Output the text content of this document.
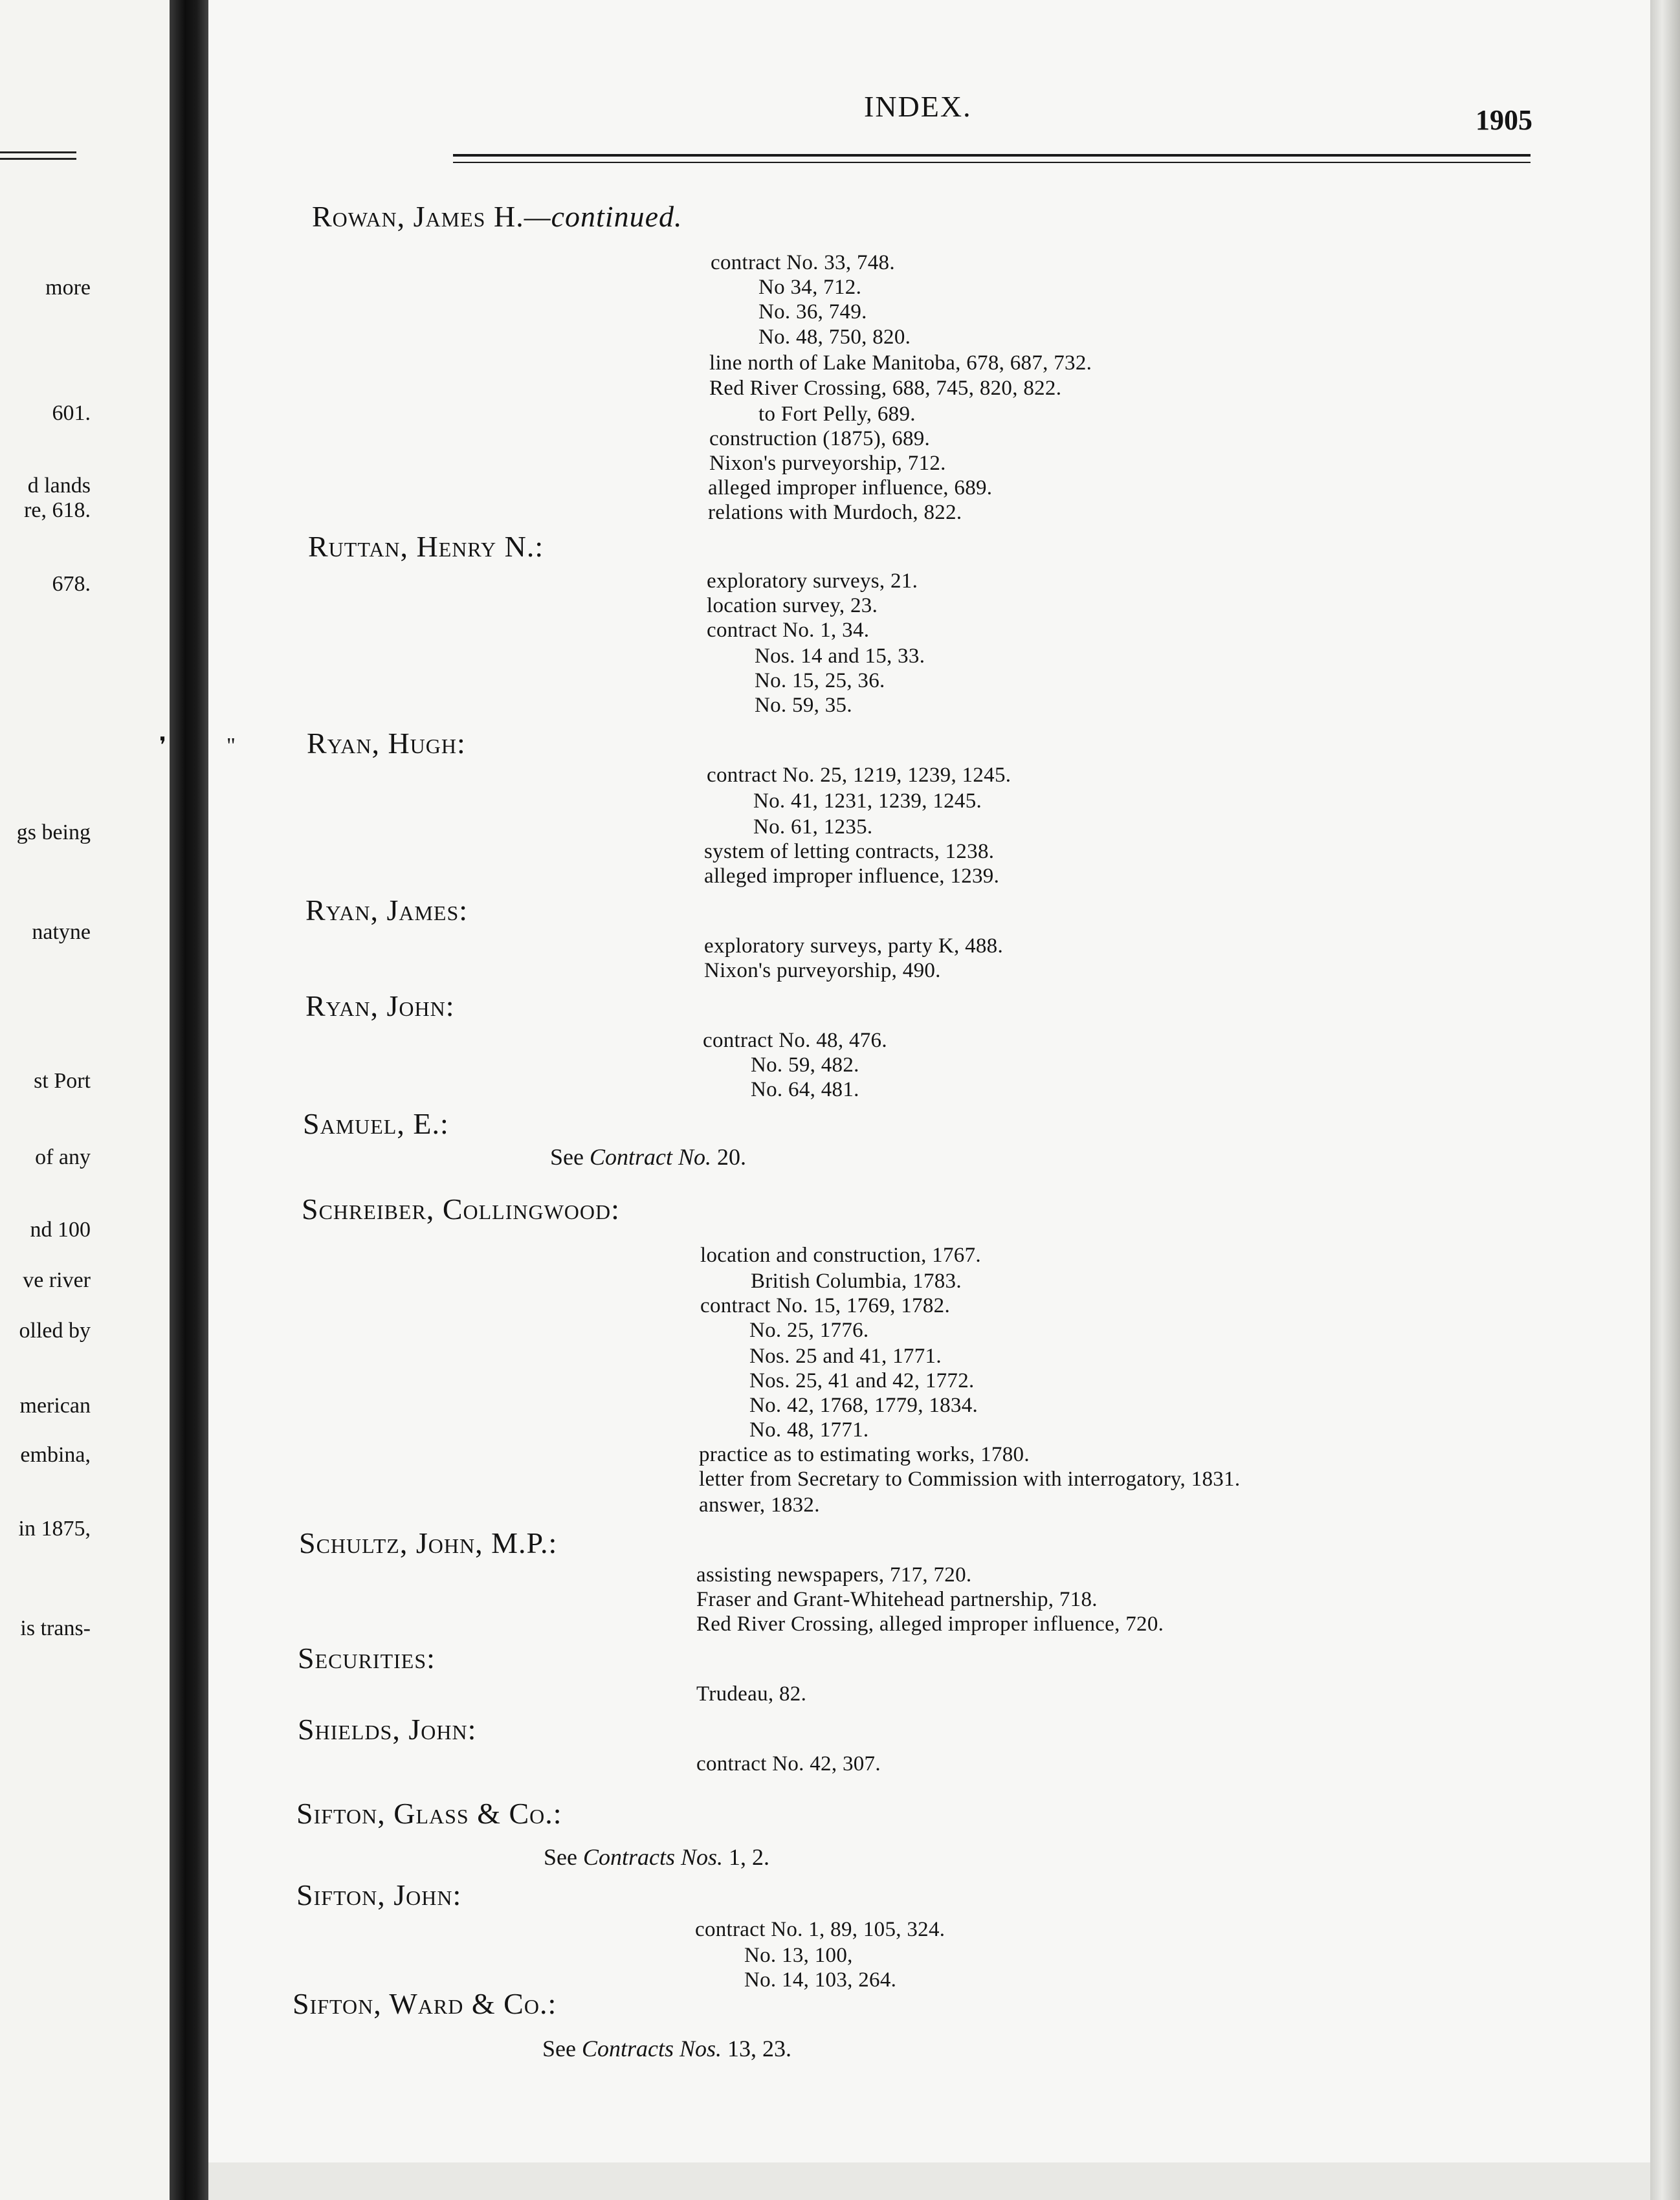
more
601.
d lands
re, 618.
678.
gs being
natyne
st Port
of any
nd 100
ve river
olled by
merican
embina,
in 1875,
is trans-
INDEX.	1905
❜	"
Rowan, James H.—continued.
contract No. 33, 748.
No 34, 712.
No. 36, 749.
No. 48, 750, 820.
line north of Lake Manitoba, 678, 687, 732.
Red River Crossing, 688, 745, 820, 822.
to Fort Pelly, 689.
construction (1875), 689.
Nixon's purveyorship, 712.
alleged improper influence, 689.
relations with Murdoch, 822.
Ruttan, Henry N.:
exploratory surveys, 21.
location survey, 23.
contract No. 1, 34.
Nos. 14 and 15, 33.
No. 15, 25, 36.
No. 59, 35.
Ryan, Hugh:
contract No. 25, 1219, 1239, 1245.
No. 41, 1231, 1239, 1245.
No. 61, 1235.
system of letting contracts, 1238.
alleged improper influence, 1239.
Ryan, James:
exploratory surveys, party K, 488.
Nixon's purveyorship, 490.
Ryan, John:
contract No. 48, 476.
No. 59, 482.
No. 64, 481.
Samuel, E.:
See Contract No. 20.
Schreiber, Collingwood:
location and construction, 1767.
British Columbia, 1783.
contract No. 15, 1769, 1782.
No. 25, 1776.
Nos. 25 and 41, 1771.
Nos. 25, 41 and 42, 1772.
No. 42, 1768, 1779, 1834.
No. 48, 1771.
practice as to estimating works, 1780.
letter from Secretary to Commission with interrogatory, 1831.
answer, 1832.
Schultz, John, M.P.:
assisting newspapers, 717, 720.
Fraser and Grant-Whitehead partnership, 718.
Red River Crossing, alleged improper influence, 720.
Securities:
Trudeau, 82.
Shields, John:
contract No. 42, 307.
Sifton, Glass & Co.:
See Contracts Nos. 1, 2.
Sifton, John:
contract No. 1, 89, 105, 324.
No. 13, 100,
No. 14, 103, 264.
Sifton, Ward & Co.:
See Contracts Nos. 13, 23.
